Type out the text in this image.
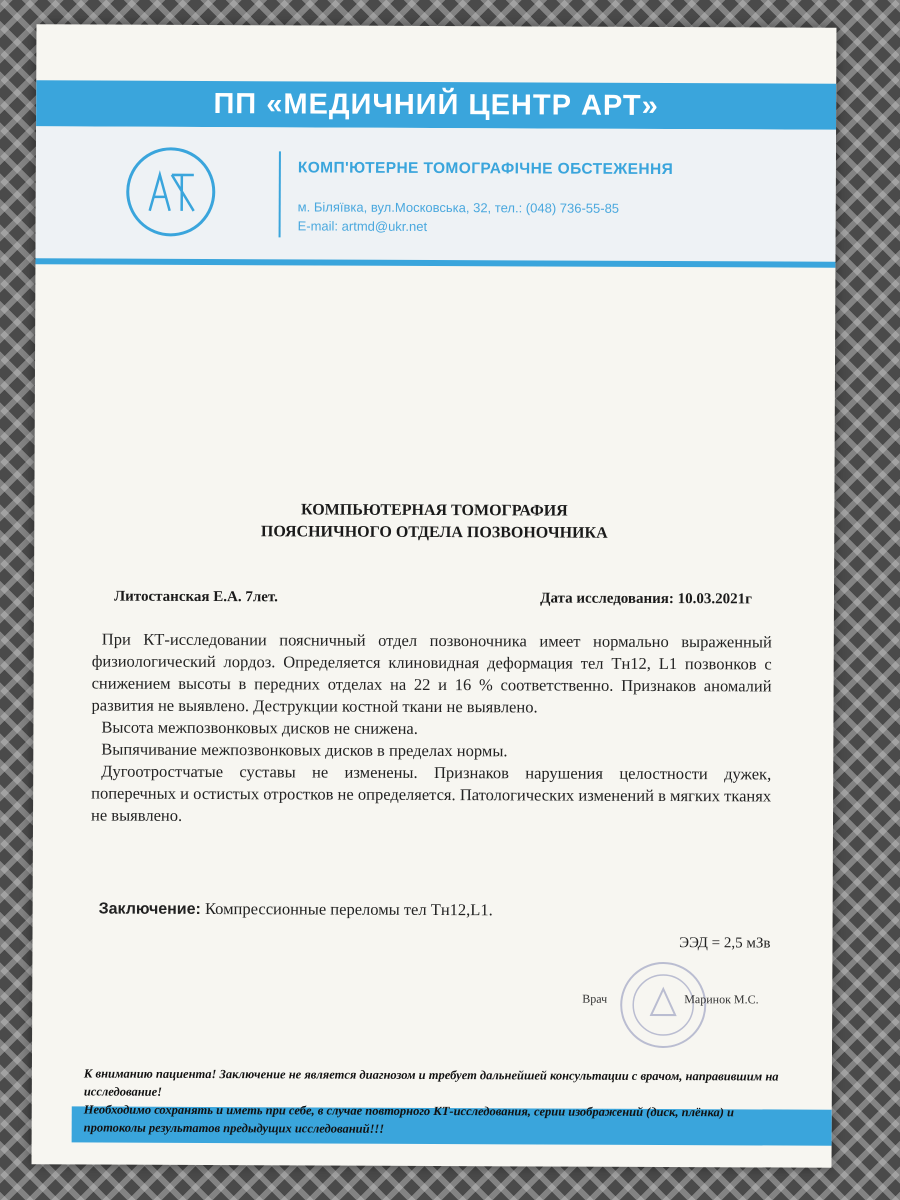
ПП «МЕДИЧНИЙ ЦЕНТР АРТ»
КОМП'ЮТЕРНЕ ТОМОГРАФІЧНЕ ОБСТЕЖЕННЯ
м. Біляївка, вул.Московська, 32, тел.: (048) 736-55-85
E-mail: artmd@ukr.net
КОМПЬЮТЕРНАЯ ТОМОГРАФИЯ
ПОЯСНИЧНОГО ОТДЕЛА ПОЗВОНОЧНИКА
Литостанская Е.А. 7лет.	Дата исследования: 10.03.2021г

При КТ-исследовании поясничный отдел позвоночника имеет нормально выраженный физиологический лордоз. Определяется клиновидная деформация тел Тн12, L1 позвонков с снижением высоты в передних отделах на 22 и 16 % соответственно. Признаков аномалий развития не выявлено. Деструкции костной ткани не выявлено.

Высота межпозвонковых дисков не снижена.

Выпячивание межпозвонковых дисков в пределах нормы.

Дугоотростчатые суставы не изменены. Признаков нарушения целостности дужек, поперечных и остистых отростков не определяется. Патологических изменений в мягких тканях не выявлено.

Заключение: Компрессионные переломы тел Тн12,L1.
ЭЭД = 2,5 мЗв
Врач	Маринок М.С.
К вниманию пациента! Заключение не является диагнозом и требует дальнейшей консультации с врачом, направившим на исследование!
Необходимо сохранять и иметь при себе, в случае повторного КТ-исследования, серии изображений (диск, плёнка) и протоколы результатов предыдущих исследований!!!
